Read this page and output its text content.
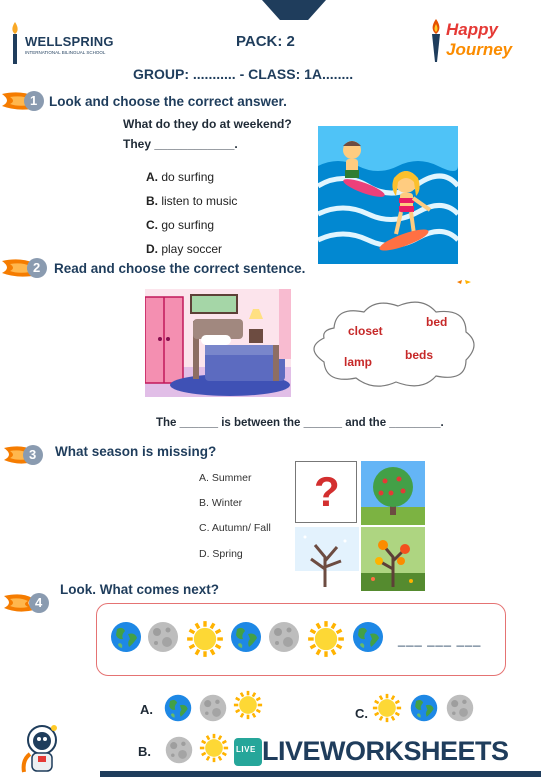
WELLSPRING
INTERNATIONAL BILINGUAL SCHOOL
PACK: 2
Happy
Journey
GROUP: ........... - CLASS: 1A........
1 Look and choose the correct answer.
What do they do at weekend?
They ____________.
A. do surfing
B. listen to music
C. go surfing
D. play soccer
2 Read and choose the correct sentence.
closet
bed
lamp	beds
The ______ is between the ______ and the ________.
3 What season is missing?
A. Summer
B. Winter
C. Autumn/ Fall
D. Spring
?
4
Look. What comes next?
___ ___ ___
A.	C.
B.	LIVE LIVEWORKSHEETS
